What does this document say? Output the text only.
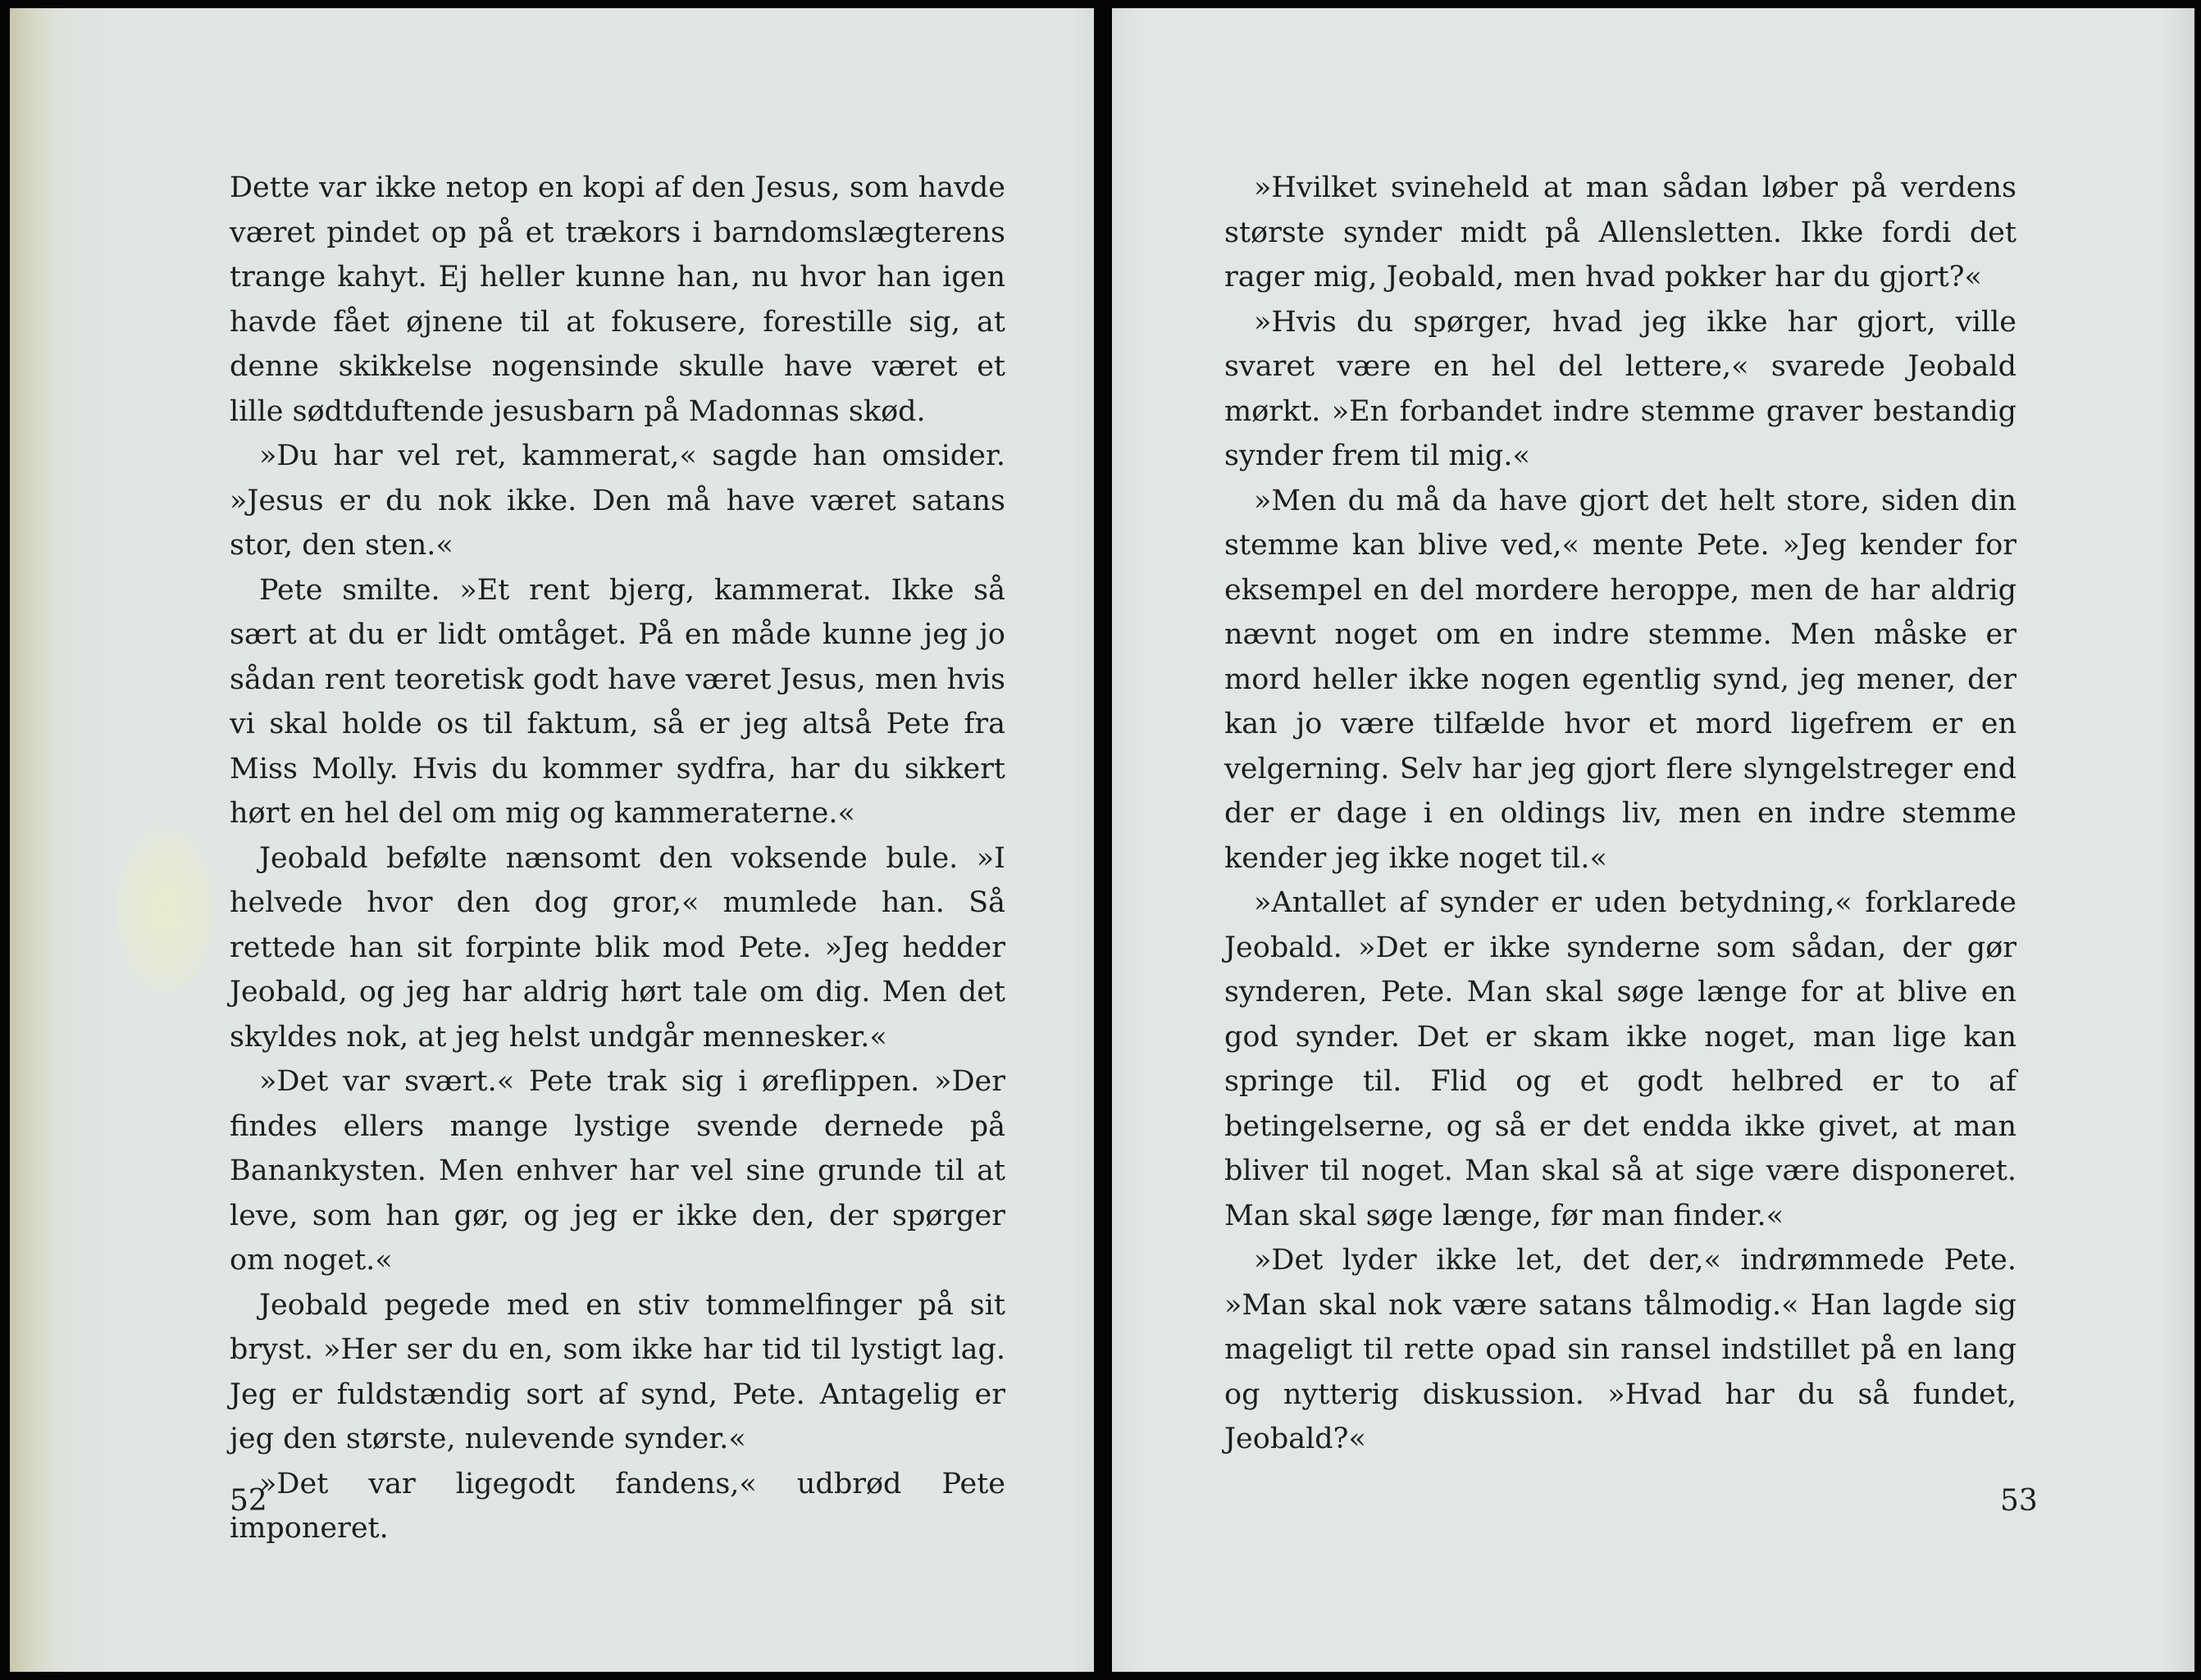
Dette var ikke netop en kopi af den Jesus, som havde været pindet op på et trækors i barndomslægterens trange kahyt. Ej heller kunne han, nu hvor han igen havde fået øjnene til at fokusere, forestille sig, at denne skikkelse nogensinde skulle have været et lille sødtduftende jesusbarn på Madonnas skød.

»Du har vel ret, kammerat,« sagde han omsider. »Jesus er du nok ikke. Den må have været satans stor, den sten.«

Pete smilte. »Et rent bjerg, kammerat. Ikke så sært at du er lidt omtåget. På en måde kunne jeg jo sådan rent teoretisk godt have været Jesus, men hvis vi skal holde os til faktum, så er jeg altså Pete fra Miss Molly. Hvis du kommer sydfra, har du sikkert hørt en hel del om mig og kammeraterne.«

Jeobald befølte nænsomt den voksende bule. »I helvede hvor den dog gror,« mumlede han. Så rettede han sit forpinte blik mod Pete. »Jeg hedder Jeobald, og jeg har aldrig hørt tale om dig. Men det skyldes nok, at jeg helst undgår mennesker.«

»Det var svært.« Pete trak sig i øreflippen. »Der findes ellers mange lystige svende dernede på Banankysten. Men enhver har vel sine grunde til at leve, som han gør, og jeg er ikke den, der spørger om noget.«

Jeobald pegede med en stiv tommelfinger på sit bryst. »Her ser du en, som ikke har tid til lystigt lag. Jeg er fuldstændig sort af synd, Pete. Antagelig er jeg den største, nulevende synder.«

»Det var ligegodt fandens,« udbrød Pete imponeret.

52

»Hvilket svineheld at man sådan løber på verdens største synder midt på Allensletten. Ikke fordi det rager mig, Jeobald, men hvad pokker har du gjort?«

»Hvis du spørger, hvad jeg ikke har gjort, ville svaret være en hel del lettere,« svarede Jeobald mørkt. »En forbandet indre stemme graver bestandig synder frem til mig.«

»Men du må da have gjort det helt store, siden din stemme kan blive ved,« mente Pete. »Jeg kender for eksempel en del mordere heroppe, men de har aldrig nævnt noget om en indre stemme. Men måske er mord heller ikke nogen egentlig synd, jeg mener, der kan jo være tilfælde hvor et mord ligefrem er en velgerning. Selv har jeg gjort flere slyngelstreger end der er dage i en oldings liv, men en indre stemme kender jeg ikke noget til.«

»Antallet af synder er uden betydning,« forklarede Jeobald. »Det er ikke synderne som sådan, der gør synderen, Pete. Man skal søge længe for at blive en god synder. Det er skam ikke noget, man lige kan springe til. Flid og et godt helbred er to af betingelserne, og så er det endda ikke givet, at man bliver til noget. Man skal så at sige være disponeret. Man skal søge længe, før man finder.«

»Det lyder ikke let, det der,« indrømmede Pete. »Man skal nok være satans tålmodig.« Han lagde sig mageligt til rette opad sin ransel indstillet på en lang og nytterig diskussion. »Hvad har du så fundet, Jeobald?«

53
